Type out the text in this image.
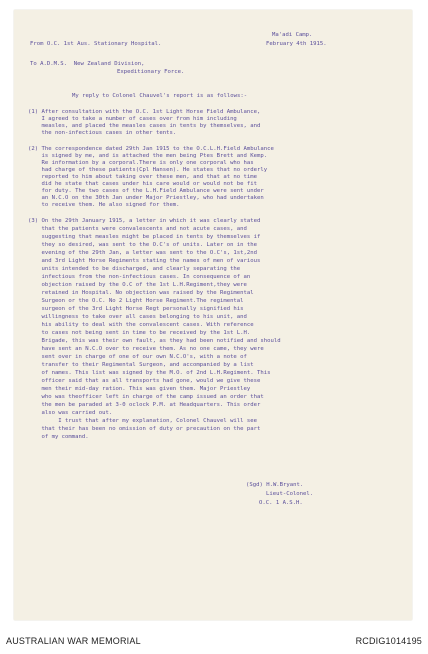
Ma'adi Camp.
From O.C. 1st Aus. Stationary Hospital.	February 4th 1915.
To A.D.M.S.  New Zealand Division,
Expeditionary Force.
My reply to Colonel Chauvel's report is as follows:-
(1) After consultation with the O.C. 1st Light Horse Field Ambulance,
I agreed to take a number of cases over from him including
measles, and placed the measles cases in tents by themselves, and
the non-infectious cases in other tents.
(2) The correspondence dated 29th Jan 1915 to the O.C.L.H.Field Ambulance
is signed by me, and is attached the men being Ptes Brett and Kemp.
Re information by a corporal.There is only one corporal who has
had charge of these patients(Cpl Hansen). He states that no orderly
reported to him about taking over these men, and that at no time
did he state that cases under his care would or would not be fit
for duty. The two cases of the L.H.Field Ambulance were sent under
an N.C.O on the 30th Jan under Major Priestley, who had undertaken
to receive them. He also signed for them.
(3) On the 29th January 1915, a letter in which it was clearly stated
that the patients were convalescents and not acute cases, and
suggesting that measles might be placed in tents by themselves if
they so desired, was sent to the O.C's of units. Later on in the
evening of the 29th Jan, a letter was sent to the O.C's, 1st,2nd
and 3rd Light Horse Regiments stating the names of men of various
units intended to be discharged, and clearly separating the
infectious from the non-infectious cases. In consequence of an
objection raised by the O.C of the 1st L.H.Regiment,they were
retained in Hospital. No objection was raised by the Regimental
Surgeon or the O.C. No 2 Light Horse Regiment.The regimental
surgeon of the 3rd Light Horse Regt personally signified his
willingness to take over all cases belonging to his unit, and
his ability to deal with the convalescent cases. With reference
to cases not being sent in time to be received by the 1st L.H.
Brigade, this was their own fault, as they had been notified and should
have sent an N.C.O over to receive them. As no one came, they were
sent over in charge of one of our own N.C.O's, with a note of
transfer to their Regimental Surgeon, and accompanied by a list
of names. This list was signed by the M.O. of 2nd L.H.Regiment. This
officer said that as all transports had gone, would we give these
men their mid-day ration. This was given them. Major Priestley
who was theofficer left in charge of the camp issued an order that
the men be paraded at 3-0 oclock P.M. at Headquarters. This order
also was carried out.
I trust that after my explanation, Colonel Chauvel will see
that their has been no omission of duty or precaution on the part
of my command.
(Sgd) H.W.Bryant.
Lieut-Colonel.
O.C. 1 A.S.H.
AUSTRALIAN WAR MEMORIAL	RCDIG1014195
